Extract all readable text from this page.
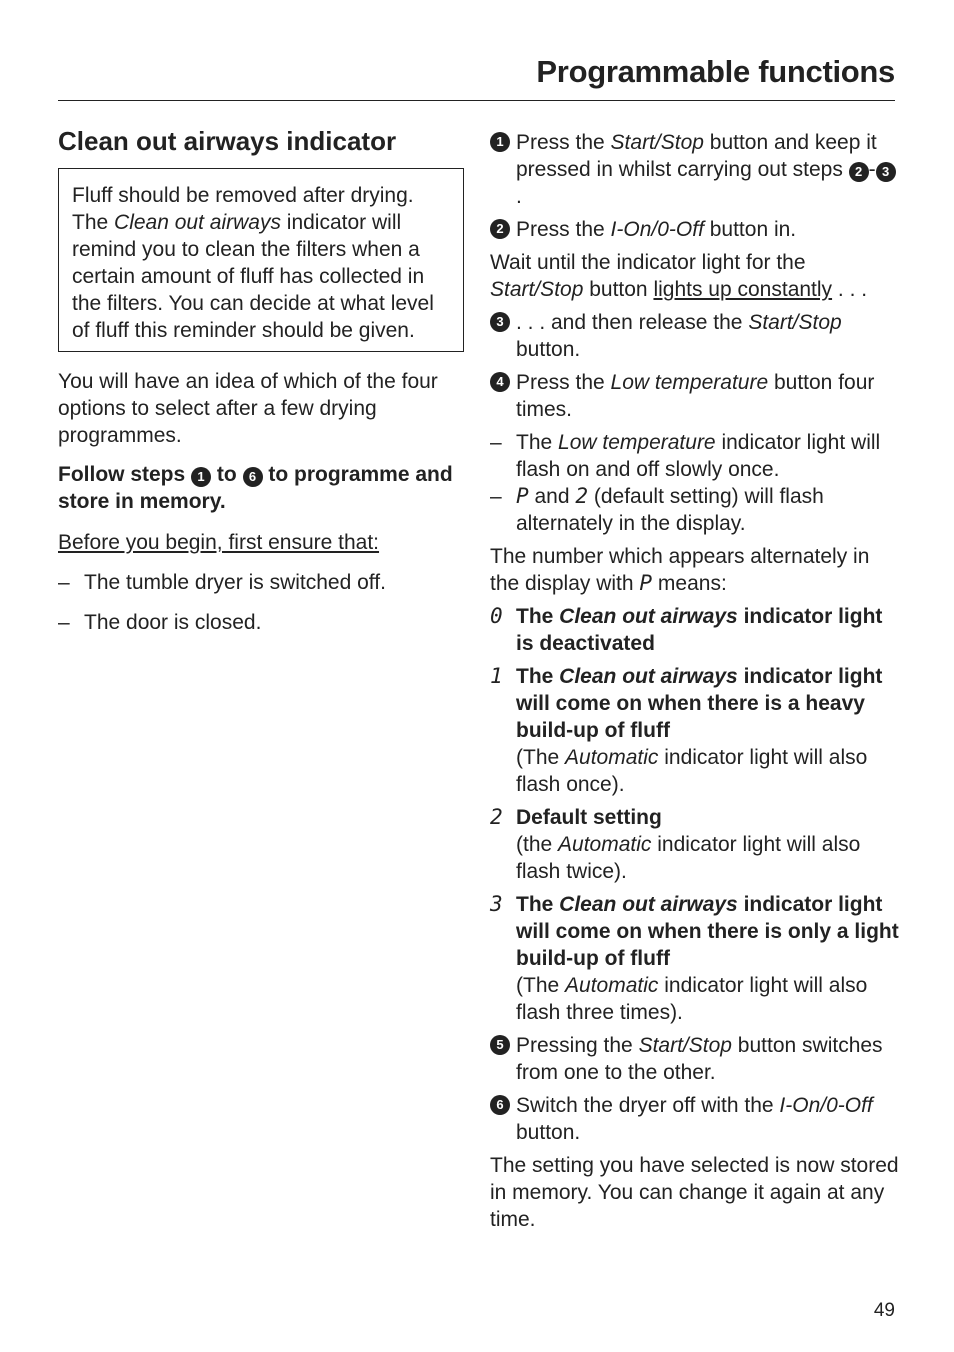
Programmable functions
Clean out airways indicator
Fluff should be removed after drying. The Clean out airways indicator will remind you to clean the filters when a certain amount of fluff has collected in the filters. You can decide at what level of fluff this reminder should be given.

You will have an idea of which of the four options to select after a few drying programmes.

Follow steps 1 to 6 to programme and store in memory.

Before you begin, first ensure that:

– The tumble dryer is switched off.
– The door is closed.
1 Press the Start/Stop button and keep it pressed in whilst carrying out steps 2 - 3.
2 Press the I-On/0-Off button in.

Wait until the indicator light for the Start/Stop button lights up constantly . . .

3 . . . and then release the Start/Stop button.
4 Press the Low temperature button four times.
– The Low temperature indicator light will flash on and off slowly once.
– P and 2 (default setting) will flash alternately in the display.

The number which appears alternately in the display with P means:

0 The Clean out airways indicator light is deactivated
1 The Clean out airways indicator light will come on when there is a heavy build-up of fluff
(The Automatic indicator light will also flash once).
2 Default setting
(the Automatic indicator light will also flash twice).
3 The Clean out airways indicator light will come on when there is only a light build-up of fluff
(The Automatic indicator light will also flash three times).
5 Pressing the Start/Stop button switches from one to the other.
6 Switch the dryer off with the I-On/0-Off button.

The setting you have selected is now stored in memory. You can change it again at any time.

49
